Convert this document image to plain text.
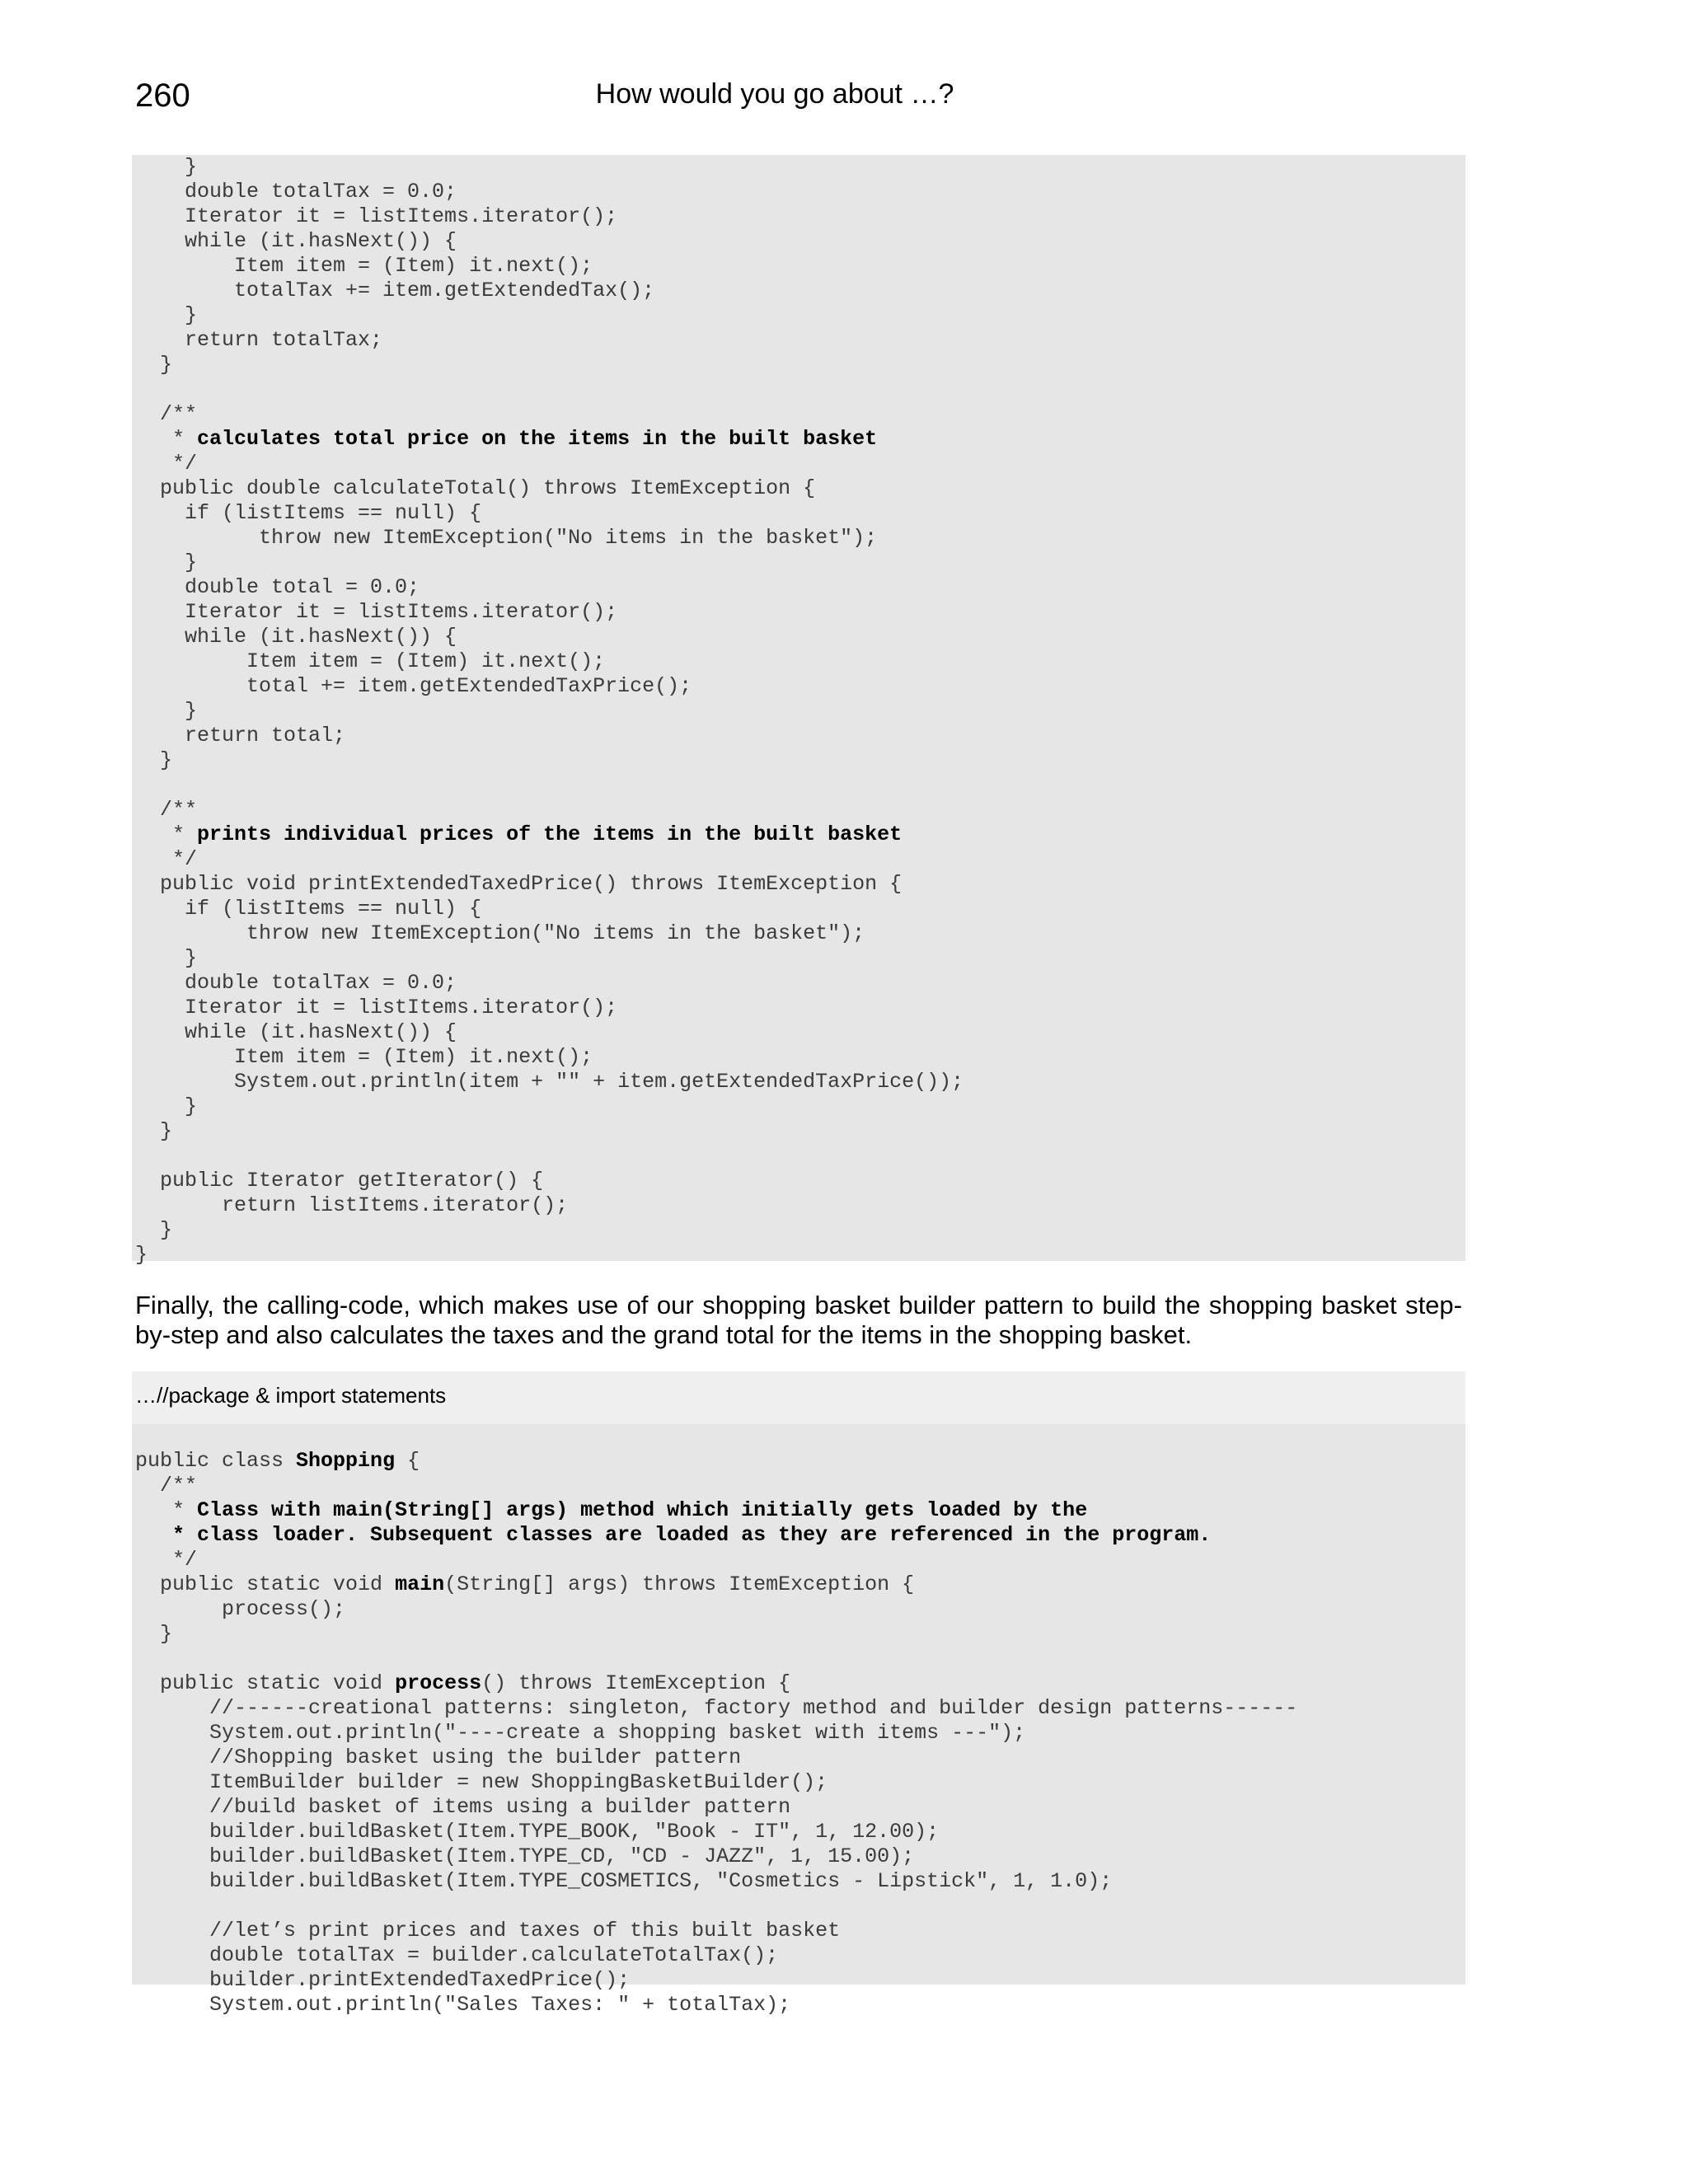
260	How would you go about …?
}
double totalTax = 0.0;
Iterator it = listItems.iterator();
while (it.hasNext()) {
Item item = (Item) it.next();
totalTax += item.getExtendedTax();
}
return totalTax;
}

/**
* calculates total price on the items in the built basket
*/
public double calculateTotal() throws ItemException {
if (listItems == null) {
throw new ItemException("No items in the basket");
}
double total = 0.0;
Iterator it = listItems.iterator();
while (it.hasNext()) {
Item item = (Item) it.next();
total += item.getExtendedTaxPrice();
}
return total;
}

/**
* prints individual prices of the items in the built basket
*/
public void printExtendedTaxedPrice() throws ItemException {
if (listItems == null) {
throw new ItemException("No items in the basket");
}
double totalTax = 0.0;
Iterator it = listItems.iterator();
while (it.hasNext()) {
Item item = (Item) it.next();
System.out.println(item + "" + item.getExtendedTaxPrice());
}
}

public Iterator getIterator() {
return listItems.iterator();
}
}
Finally, the calling-code, which makes use of our shopping basket builder pattern to build the shopping basket step-by-step and also calculates the taxes and the grand total for the items in the shopping basket.
…//package & import statements

public class Shopping {
/**
* Class with main(String[] args) method which initially gets loaded by the
* class loader. Subsequent classes are loaded as they are referenced in the program.
*/
public static void main(String[] args) throws ItemException {
process();
}

public static void process() throws ItemException {
//------creational patterns: singleton, factory method and builder design patterns------
System.out.println("----create a shopping basket with items ---");
//Shopping basket using the builder pattern
ItemBuilder builder = new ShoppingBasketBuilder();
//build basket of items using a builder pattern
builder.buildBasket(Item.TYPE_BOOK, "Book - IT", 1, 12.00);
builder.buildBasket(Item.TYPE_CD, "CD - JAZZ", 1, 15.00);
builder.buildBasket(Item.TYPE_COSMETICS, "Cosmetics - Lipstick", 1, 1.0);

//let’s print prices and taxes of this built basket
double totalTax = builder.calculateTotalTax();
builder.printExtendedTaxedPrice();
System.out.println("Sales Taxes: " + totalTax);
